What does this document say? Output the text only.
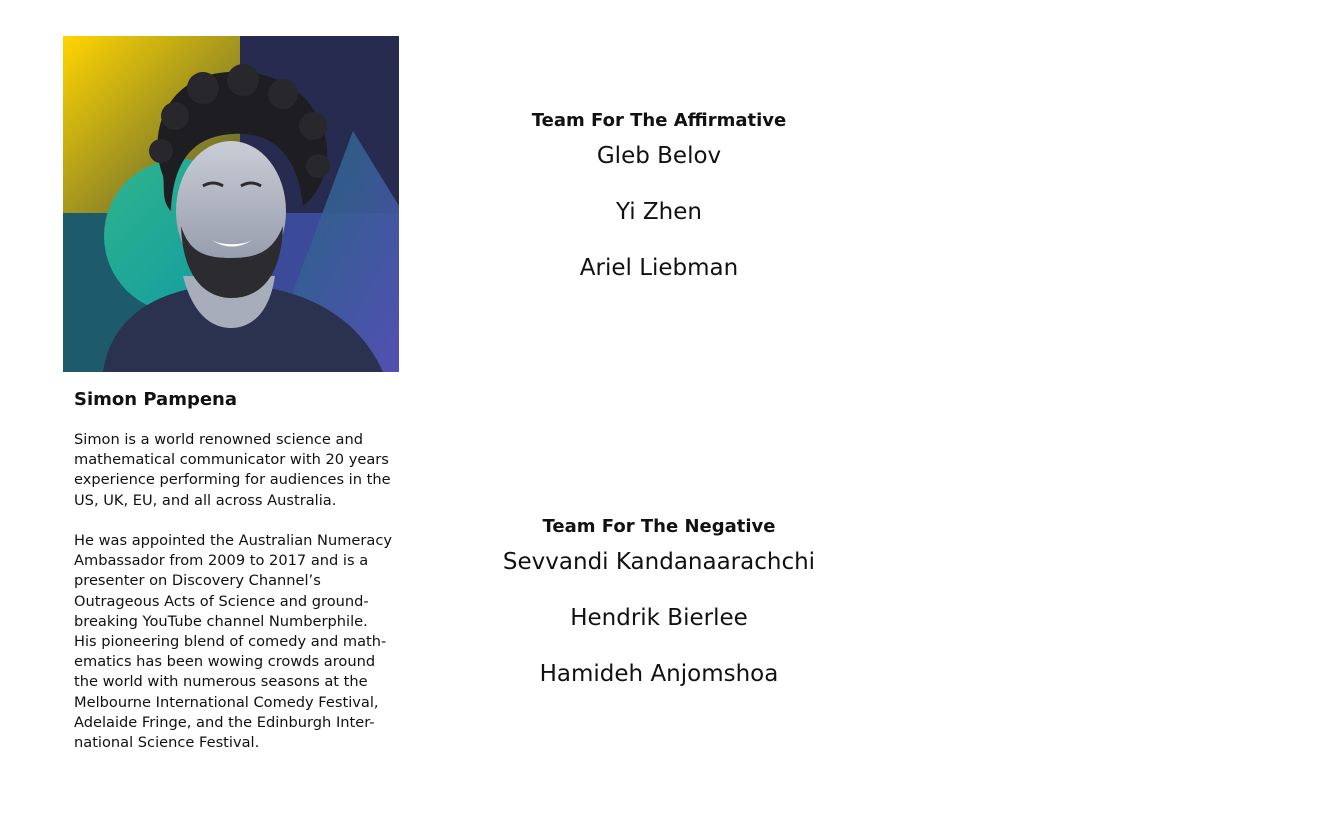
Simon Pampena

Simon is a world renowned science and mathematical communicator with 20 years experience performing for audiences in the US, UK, EU, and all across Australia.

He was appointed the Australian Numeracy Ambassador from 2009 to 2017 and is a presenter on Discovery Channel’s Outrageous Acts of Science and ground-breaking YouTube channel Numberphile. His pioneering blend of comedy and math-ematics has been wowing crowds around the world with numerous seasons at the Melbourne International Comedy Festival, Adelaide Fringe, and the Edinburgh Inter-national Science Festival.

Team For The Affirmative
Gleb Belov
Yi Zhen
Ariel Liebman
Team For The Negative
Sevvandi Kandanaarachchi
Hendrik Bierlee
Hamideh Anjomshoa
